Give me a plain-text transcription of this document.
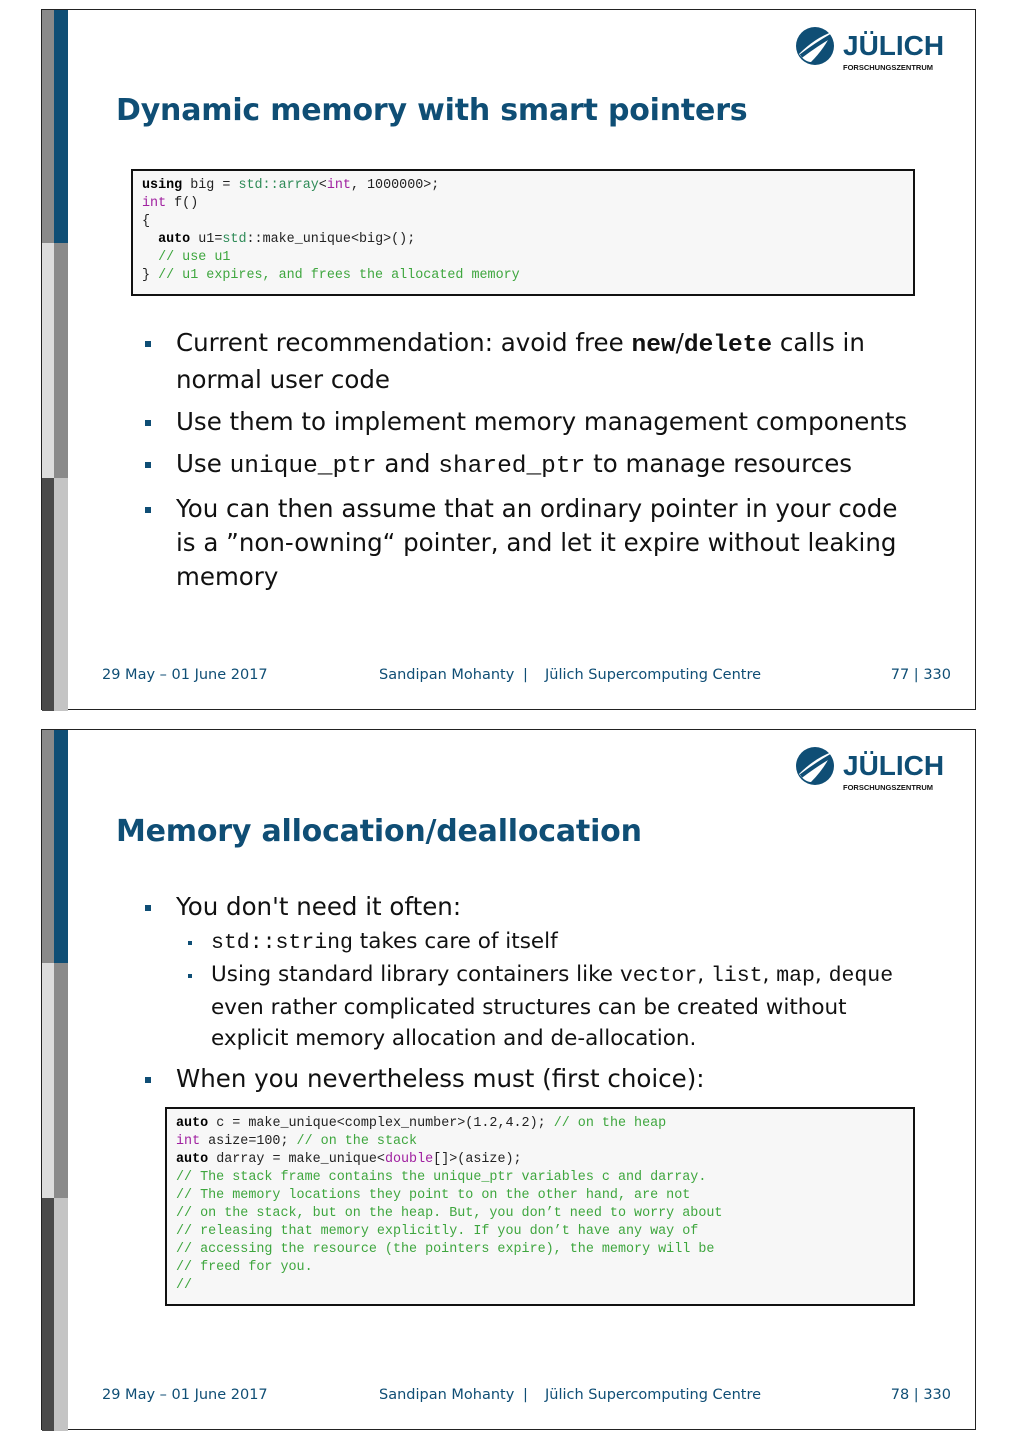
JÜLICH
FORSCHUNGSZENTRUM
Dynamic memory with smart pointers
using big = std::array<int, 1000000>;
int f()
{
auto u1=std::make_unique<big>();
// use u1
} // u1 expires, and frees the allocated memory
Current recommendation: avoid free new/delete calls in normal user code
Use them to implement memory management components
Use unique_ptr and shared_ptr to manage resources
You can then assume that an ordinary pointer in your code is a ”non-owning“ pointer, and let it expire without leaking memory
29 May – 01 June 2017	Sandipan Mohanty | Jülich Supercomputing Centre	77 | 330
JÜLICH
FORSCHUNGSZENTRUM
Memory allocation/deallocation
You don't need it often:
std::string takes care of itself
Using standard library containers like vector, list, map, deque even rather complicated structures can be created without explicit memory allocation and de-allocation.
When you nevertheless must (first choice):
auto c = make_unique<complex_number>(1.2,4.2); // on the heap
int asize=100; // on the stack
auto darray = make_unique<double[]>(asize);
// The stack frame contains the unique_ptr variables c and darray.
// The memory locations they point to on the other hand, are not
// on the stack, but on the heap. But, you don’t need to worry about
// releasing that memory explicitly. If you don’t have any way of
// accessing the resource (the pointers expire), the memory will be
// freed for you.
//
29 May – 01 June 2017	Sandipan Mohanty | Jülich Supercomputing Centre	78 | 330
